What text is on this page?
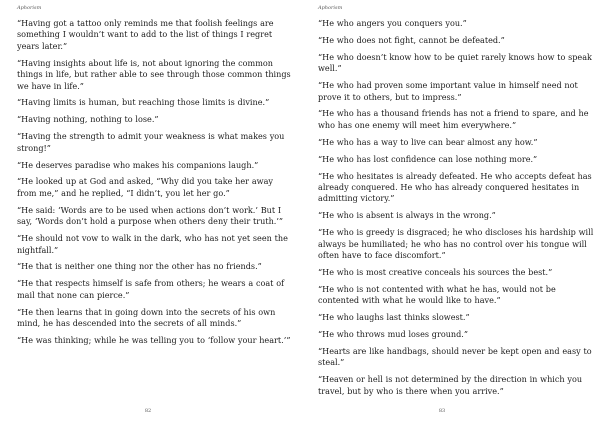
Aphorism

“Having got a tattoo only reminds me that foolish feelings are something I wouldn’t want to add to the list of things I regret years later.”

“Having insights about life is, not about ignoring the common things in life, but rather able to see through those common things we have in life.”

“Having limits is human, but reaching those limits is divine.”

“Having nothing, nothing to lose.”

“Having the strength to admit your weakness is what makes you strong!”

“He deserves paradise who makes his companions laugh.”

“He looked up at God and asked, “Why did you take her away from me,” and he replied, “I didn’t, you let her go.”

“He said: ‘Words are to be used when actions don’t work.’ But I say, ‘Words don’t hold a purpose when others deny their truth.’”

“He should not vow to walk in the dark, who has not yet seen the nightfall.”

“He that is neither one thing nor the other has no friends.”

“He that respects himself is safe from others; he wears a coat of mail that none can pierce.”

“He then learns that in going down into the secrets of his own mind, he has descended into the secrets of all minds.”

“He was thinking; while he was telling you to ‘follow your heart.’”

82
Aphorism

“He who angers you conquers you.”

“He who does not fight, cannot be defeated.”

“He who doesn’t know how to be quiet rarely knows how to speak well.”

“He who had proven some important value in himself need not prove it to others, but to impress.”

“He who has a thousand friends has not a friend to spare, and he who has one enemy will meet him everywhere.”

“He who has a way to live can bear almost any how.”

“He who has lost confidence can lose nothing more.”

“He who hesitates is already defeated. He who accepts defeat has already conquered. He who has already conquered hesitates in admitting victory.”

“He who is absent is always in the wrong.”

“He who is greedy is disgraced; he who discloses his hardship will always be humiliated; he who has no control over his tongue will often have to face discomfort.”

“He who is most creative conceals his sources the best.”

“He who is not contented with what he has, would not be contented with what he would like to have.”

“He who laughs last thinks slowest.”

“He who throws mud loses ground.”

“Hearts are like handbags, should never be kept open and easy to steal.”

“Heaven or hell is not determined by the direction in which you travel, but by who is there when you arrive.”

83
